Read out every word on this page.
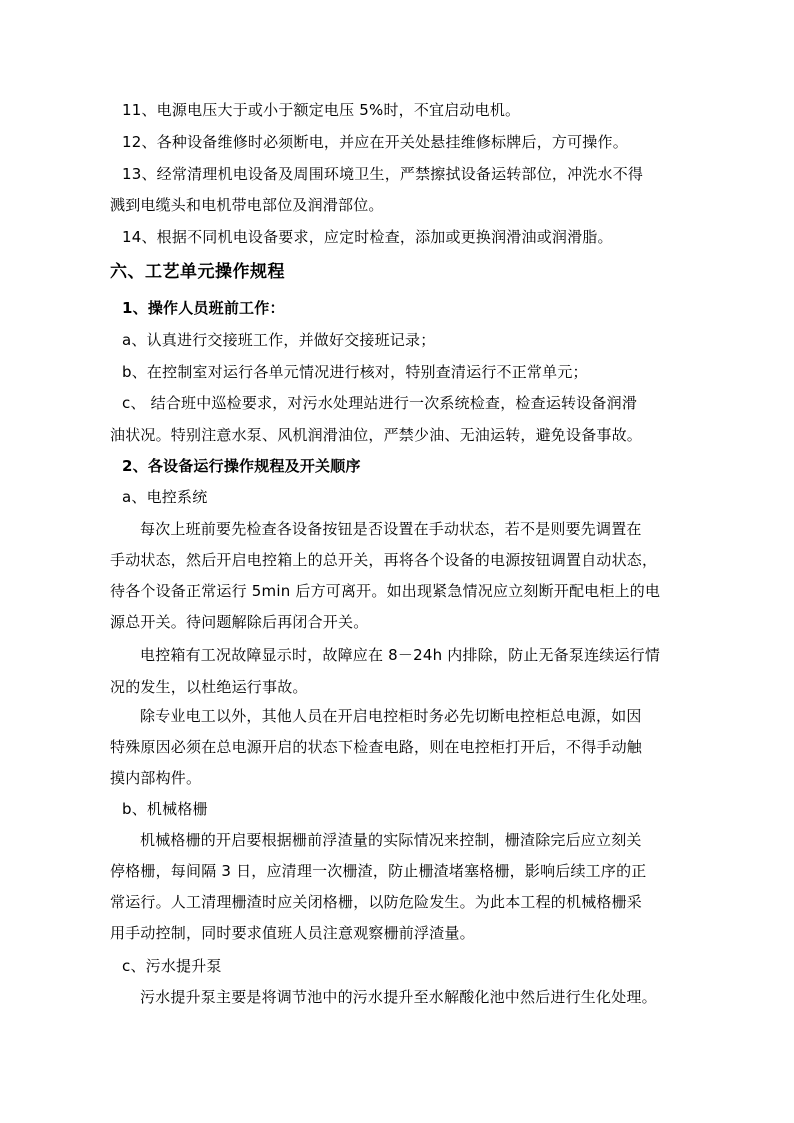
11、电源电压大于或小于额定电压 5%时，不宜启动电机。
12、各种设备维修时必须断电，并应在开关处悬挂维修标牌后，方可操作。
13、经常清理机电设备及周围环境卫生，严禁擦拭设备运转部位，冲洗水不得
溅到电缆头和电机带电部位及润滑部位。
14、根据不同机电设备要求，应定时检查，添加或更换润滑油或润滑脂。
六、工艺单元操作规程
1、操作人员班前工作：
a、认真进行交接班工作，并做好交接班记录；
b、在控制室对运行各单元情况进行核对，特别查清运行不正常单元；
c、 结合班中巡检要求，对污水处理站进行一次系统检查，检查运转设备润滑
油状况。特别注意水泵、风机润滑油位，严禁少油、无油运转，避免设备事故。
2、各设备运行操作规程及开关顺序
a、电控系统
每次上班前要先检查各设备按钮是否设置在手动状态，若不是则要先调置在
手动状态，然后开启电控箱上的总开关，再将各个设备的电源按钮调置自动状态，
待各个设备正常运行 5min 后方可离开。如出现紧急情况应立刻断开配电柜上的电
源总开关。待问题解除后再闭合开关。
电控箱有工况故障显示时，故障应在 8－24h 内排除，防止无备泵连续运行情
况的发生，以杜绝运行事故。
除专业电工以外，其他人员在开启电控柜时务必先切断电控柜总电源，如因
特殊原因必须在总电源开启的状态下检查电路，则在电控柜打开后，不得手动触
摸内部构件。
b、机械格栅
机械格栅的开启要根据栅前浮渣量的实际情况来控制，栅渣除完后应立刻关
停格栅，每间隔 3 日，应清理一次栅渣，防止栅渣堵塞格栅，影响后续工序的正
常运行。人工清理栅渣时应关闭格栅，以防危险发生。为此本工程的机械格栅采
用手动控制，同时要求值班人员注意观察栅前浮渣量。
c、污水提升泵
污水提升泵主要是将调节池中的污水提升至水解酸化池中然后进行生化处理。
